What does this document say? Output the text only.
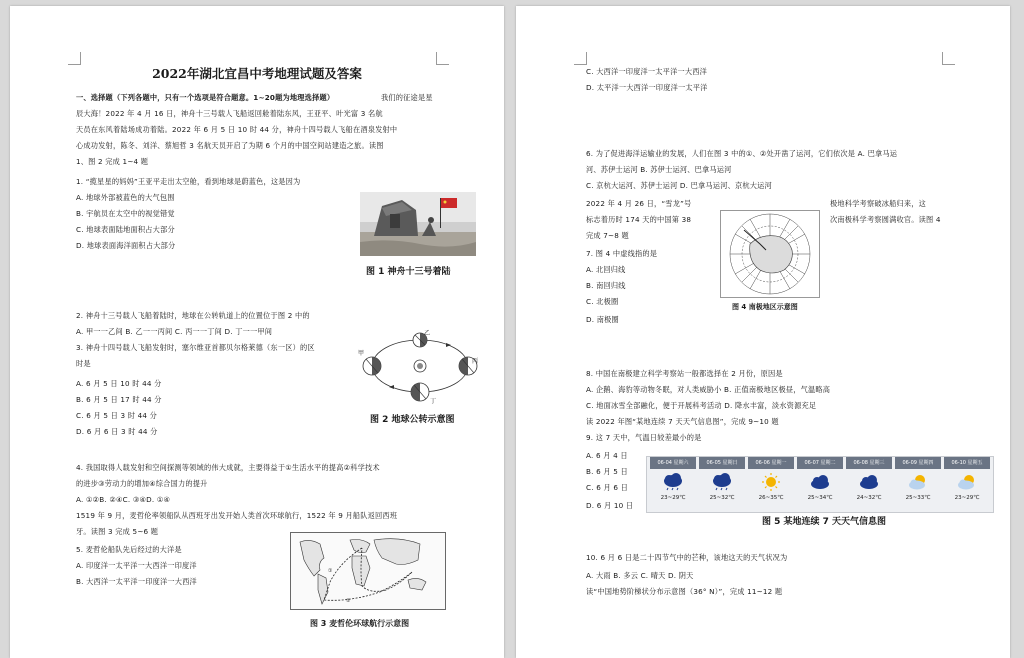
2022年湖北宜昌中考地理试题及答案
一、选择题（下列各题中，只有一个选项是符合题意。1~20题为地理选择题）	我们的征途是星
辰大海！2022 年 4 月 16 日，神舟十三号载人飞船返回舱着陆东风，王亚平、叶光富 3 名航
天员在东风着陆场成功着陆。2022 年 6 月 5 日 10 时 44 分，神舟十四号载人飞船在酒泉发射中
心成功发射，陈冬、刘洋、蔡旭哲 3 名航天员开启了为期 6 个月的中国空间站建造之旅。读图
1、图 2 完成 1~4 题
1. “揽星星的妈妈”王亚平走出太空舱，看到地球是蔚蓝色，这是因为
A. 地球外部被蓝色的大气包围
B. 宇航员在太空中的视觉错觉
C. 地球表面陆地面积占大部分
D. 地球表面海洋面积占大部分
图 1 神舟十三号着陆
2. 神舟十三号载人飞船着陆时，地球在公转轨道上的位置位于图 2 中的
A. 甲一一乙间 B. 乙一一丙间 C. 丙一一丁间 D. 丁一一甲间
3. 神舟十四号载人飞船发射时，塞尔维亚首都贝尔格莱德（东一区）的区
时是
A. 6 月 5 日 10 时 44 分
B. 6 月 5 日 17 时 44 分
C. 6 月 5 日 3 时 44 分
D. 6 月 6 日 3 时 44 分
甲
乙
丙
丁
图 2 地球公转示意图
4. 我国取得人载发射和空间探测等领域的伟大成就，主要得益于①生活水平的提高②科学技术
的进步③劳动力的增加④综合国力的提升
A. ①②B. ②④C. ③④D. ①④
1519 年 9 月，麦哲伦率领船队从西班牙出发开始人类首次环球航行，1522 年 9 月船队返回西班
牙。读图 3 完成 5~6 题
5. 麦哲伦船队先后经过的大洋是
A. 印度洋一太平洋一大西洋一印度洋
B. 大西洋一太平洋一印度洋一大西洋
①
②
图 3 麦哲伦环球航行示意图
C. 大西洋一印度洋一太平洋一大西洋
D. 太平洋一大西洋一印度洋一太平洋
6. 为了促进海洋运输业的发展，人们在图 3 中的①、②处开凿了运河，它们依次是 A. 巴拿马运
河、苏伊士运河 B. 苏伊士运河、巴拿马运河
C. 京杭大运河、苏伊士运河 D. 巴拿马运河、京杭大运河
2022 年 4 月 26 日，“雪龙”号
标志着历时 174 天的中国第 38
完成 7~8 题
极地科学考察破冰船归来，这
次南极科学考察圆满收官。读图 4
7. 图 4 中虚线指的是
A. 北回归线
B. 南回归线
C. 北极圈
D. 南极圈
图 4 南极地区示意图
8. 中国在南极建立科学考察站一般都选择在 2 月份，原因是
A. 企鹅、海豹等动物冬眠，对人类威胁小 B. 正值南极地区极昼，气温略高
C. 地面冰雪全部融化，便于开展科考活动 D. 降水丰富，淡水资源充足
读 2022 年图“某地连续 7 天天气信息图”，完成 9~10 题
9. 这 7 天中，气温日较差最小的是
A. 6 月 4 日
B. 6 月 5 日
C. 6 月 6 日
D. 6 月 10 日
06-04 星期六
23~29℃
06-05 星期日
25~32℃
06-06 星期一
26~35℃
06-07 星期二
25~34℃
06-08 星期三
24~32℃
06-09 星期四
25~33℃
06-10 星期五
23~29℃
图 5 某地连续 7 天天气信息图
10. 6 月 6 日是二十四节气中的芒种，该地这天的天气状况为
A. 大雨 B. 多云 C. 晴天 D. 阴天
读“中国地势阶梯状分布示意图（36° N）”，完成 11~12 题
